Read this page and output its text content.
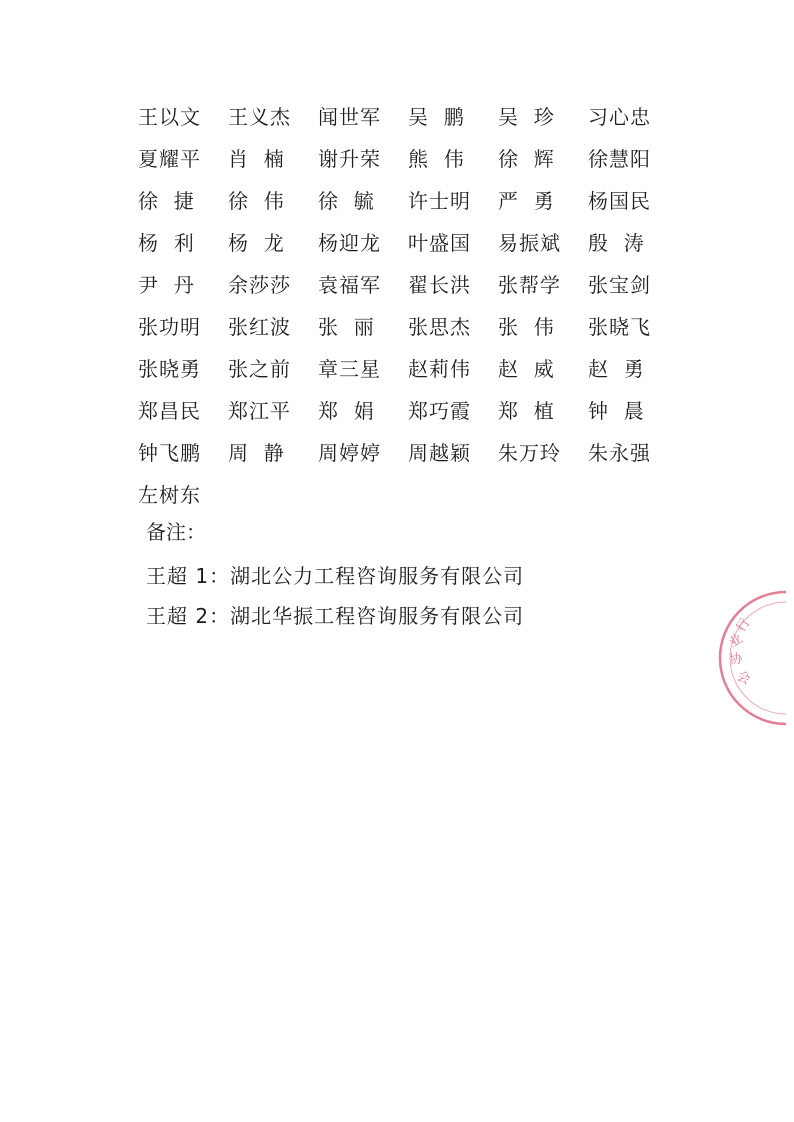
王以文	王义杰	闻世军	吴  鹏	吴  珍	习心忠
夏耀平	肖  楠	谢升荣	熊  伟	徐  辉	徐慧阳
徐  捷	徐  伟	徐  毓	许士明	严  勇	杨国民
杨  利	杨  龙	杨迎龙	叶盛国	易振斌	殷  涛
尹  丹	余莎莎	袁福军	翟长洪	张帮学	张宝剑
张功明	张红波	张  丽	张思杰	张  伟	张晓飞
张晓勇	张之前	章三星	赵莉伟	赵  威	赵  勇
郑昌民	郑江平	郑  娟	郑巧霞	郑  植	钟  晨
钟飞鹏	周  静	周婷婷	周越颖	朱万玲	朱永强
左树东
备注：
王超 1：湖北公力工程咨询服务有限公司
王超 2：湖北华振工程咨询服务有限公司	行
业
协
会
